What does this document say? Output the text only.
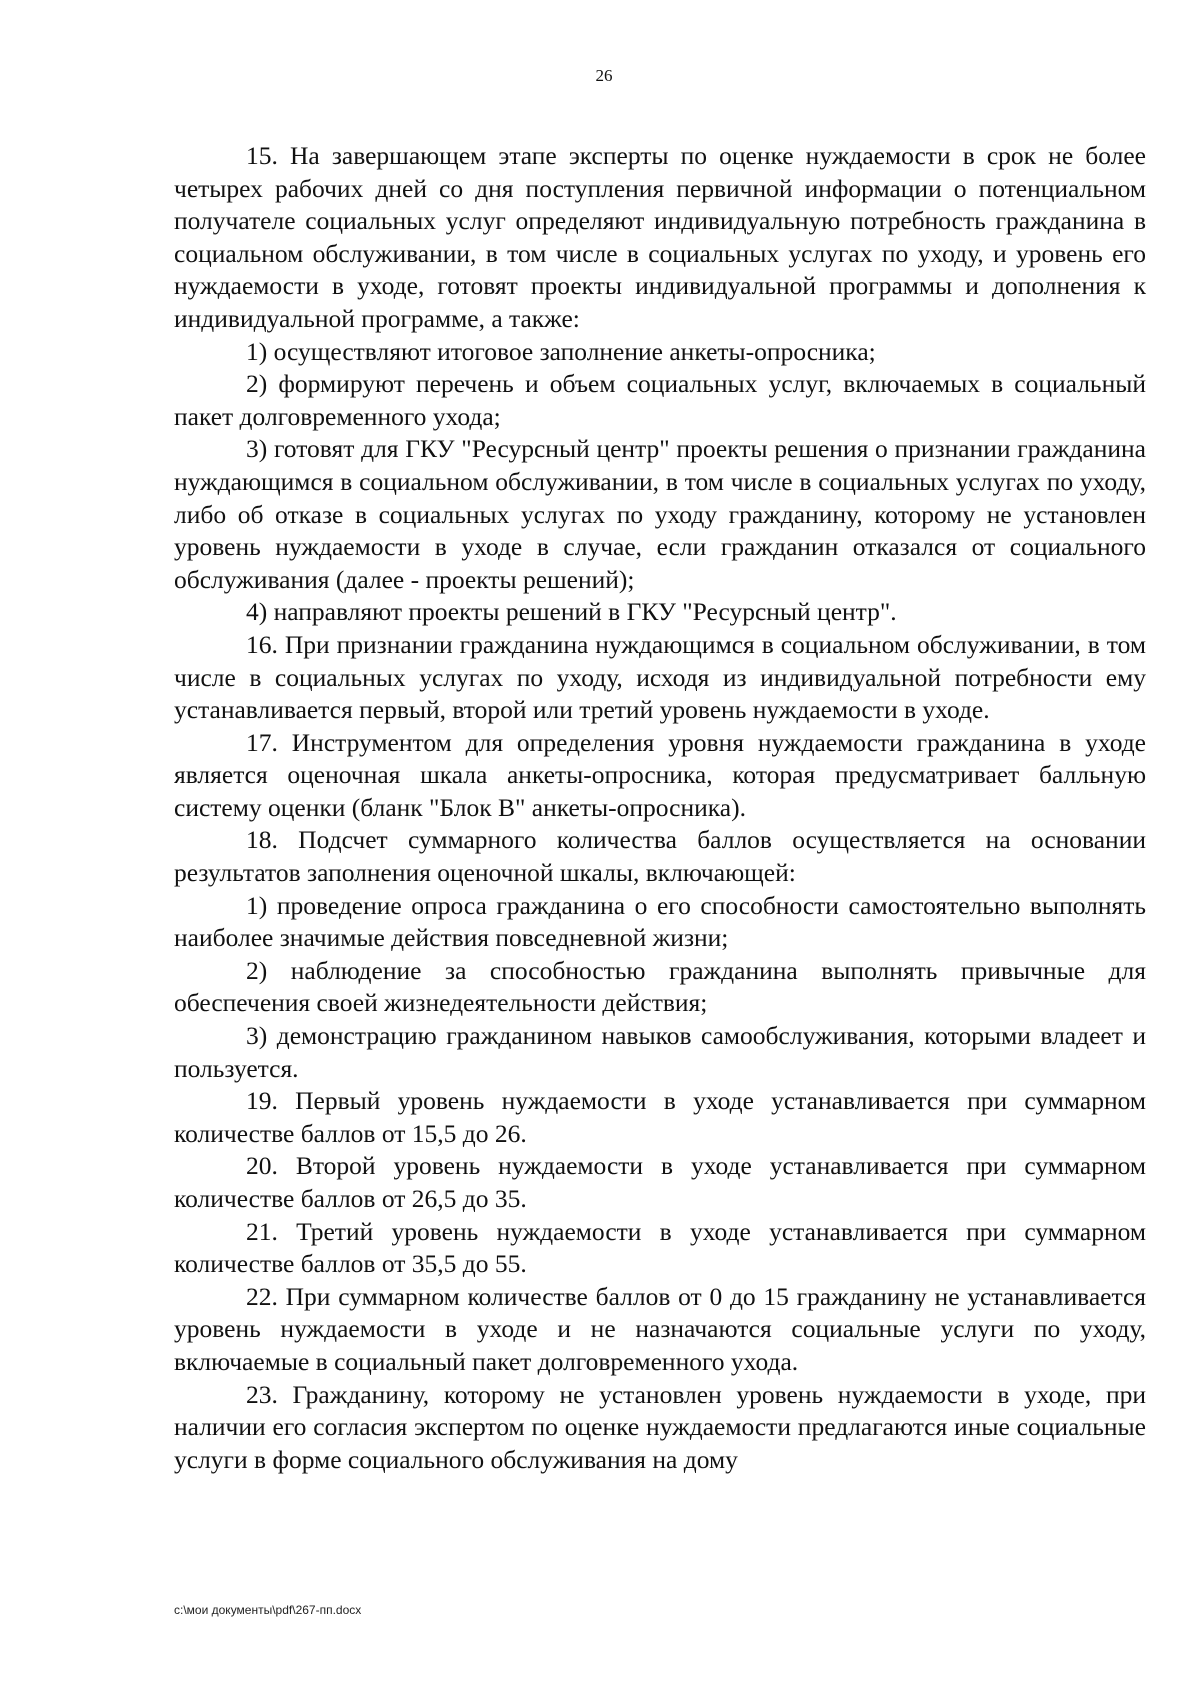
26

15. На завершающем этапе эксперты по оценке нуждаемости в срок не более четырех рабочих дней со дня поступления первичной информации о потенциальном получателе социальных услуг определяют индивидуальную потребность гражданина в социальном обслуживании, в том числе в социальных услугах по уходу, и уровень его нуждаемости в уходе, готовят проекты индивидуальной программы и дополнения к индивидуальной программе, а также:

1) осуществляют итоговое заполнение анкеты-опросника;

2) формируют перечень и объем социальных услуг, включаемых в социальный пакет долговременного ухода;

3) готовят для ГКУ "Ресурсный центр" проекты решения о признании гражданина нуждающимся в социальном обслуживании, в том числе в социальных услугах по уходу, либо об отказе в социальных услугах по уходу гражданину, которому не установлен уровень нуждаемости в уходе в случае, если гражданин отказался от социального обслуживания (далее - проекты решений);

4) направляют проекты решений в ГКУ "Ресурсный центр".

16. При признании гражданина нуждающимся в социальном обслуживании, в том числе в социальных услугах по уходу, исходя из индивидуальной потребности ему устанавливается первый, второй или третий уровень нуждаемости в уходе.

17. Инструментом для определения уровня нуждаемости гражданина в уходе является оценочная шкала анкеты-опросника, которая предусматривает балльную систему оценки (бланк "Блок В" анкеты-опросника).

18. Подсчет суммарного количества баллов осуществляется на основании результатов заполнения оценочной шкалы, включающей:

1) проведение опроса гражданина о его способности самостоятельно выполнять наиболее значимые действия повседневной жизни;

2) наблюдение за способностью гражданина выполнять привычные для обеспечения своей жизнедеятельности действия;

3) демонстрацию гражданином навыков самообслуживания, которыми владеет и пользуется.

19. Первый уровень нуждаемости в уходе устанавливается при суммарном количестве баллов от 15,5 до 26.

20. Второй уровень нуждаемости в уходе устанавливается при суммарном количестве баллов от 26,5 до 35.

21. Третий уровень нуждаемости в уходе устанавливается при суммарном количестве баллов от 35,5 до 55.

22. При суммарном количестве баллов от 0 до 15 гражданину не устанавливается уровень нуждаемости в уходе и не назначаются социальные услуги по уходу, включаемые в социальный пакет долговременного ухода.

23. Гражданину, которому не установлен уровень нуждаемости в уходе, при наличии его согласия экспертом по оценке нуждаемости предлагаются иные социальные услуги в форме социального обслуживания на дому

c:\мои документы\pdf\267-пп.docx
